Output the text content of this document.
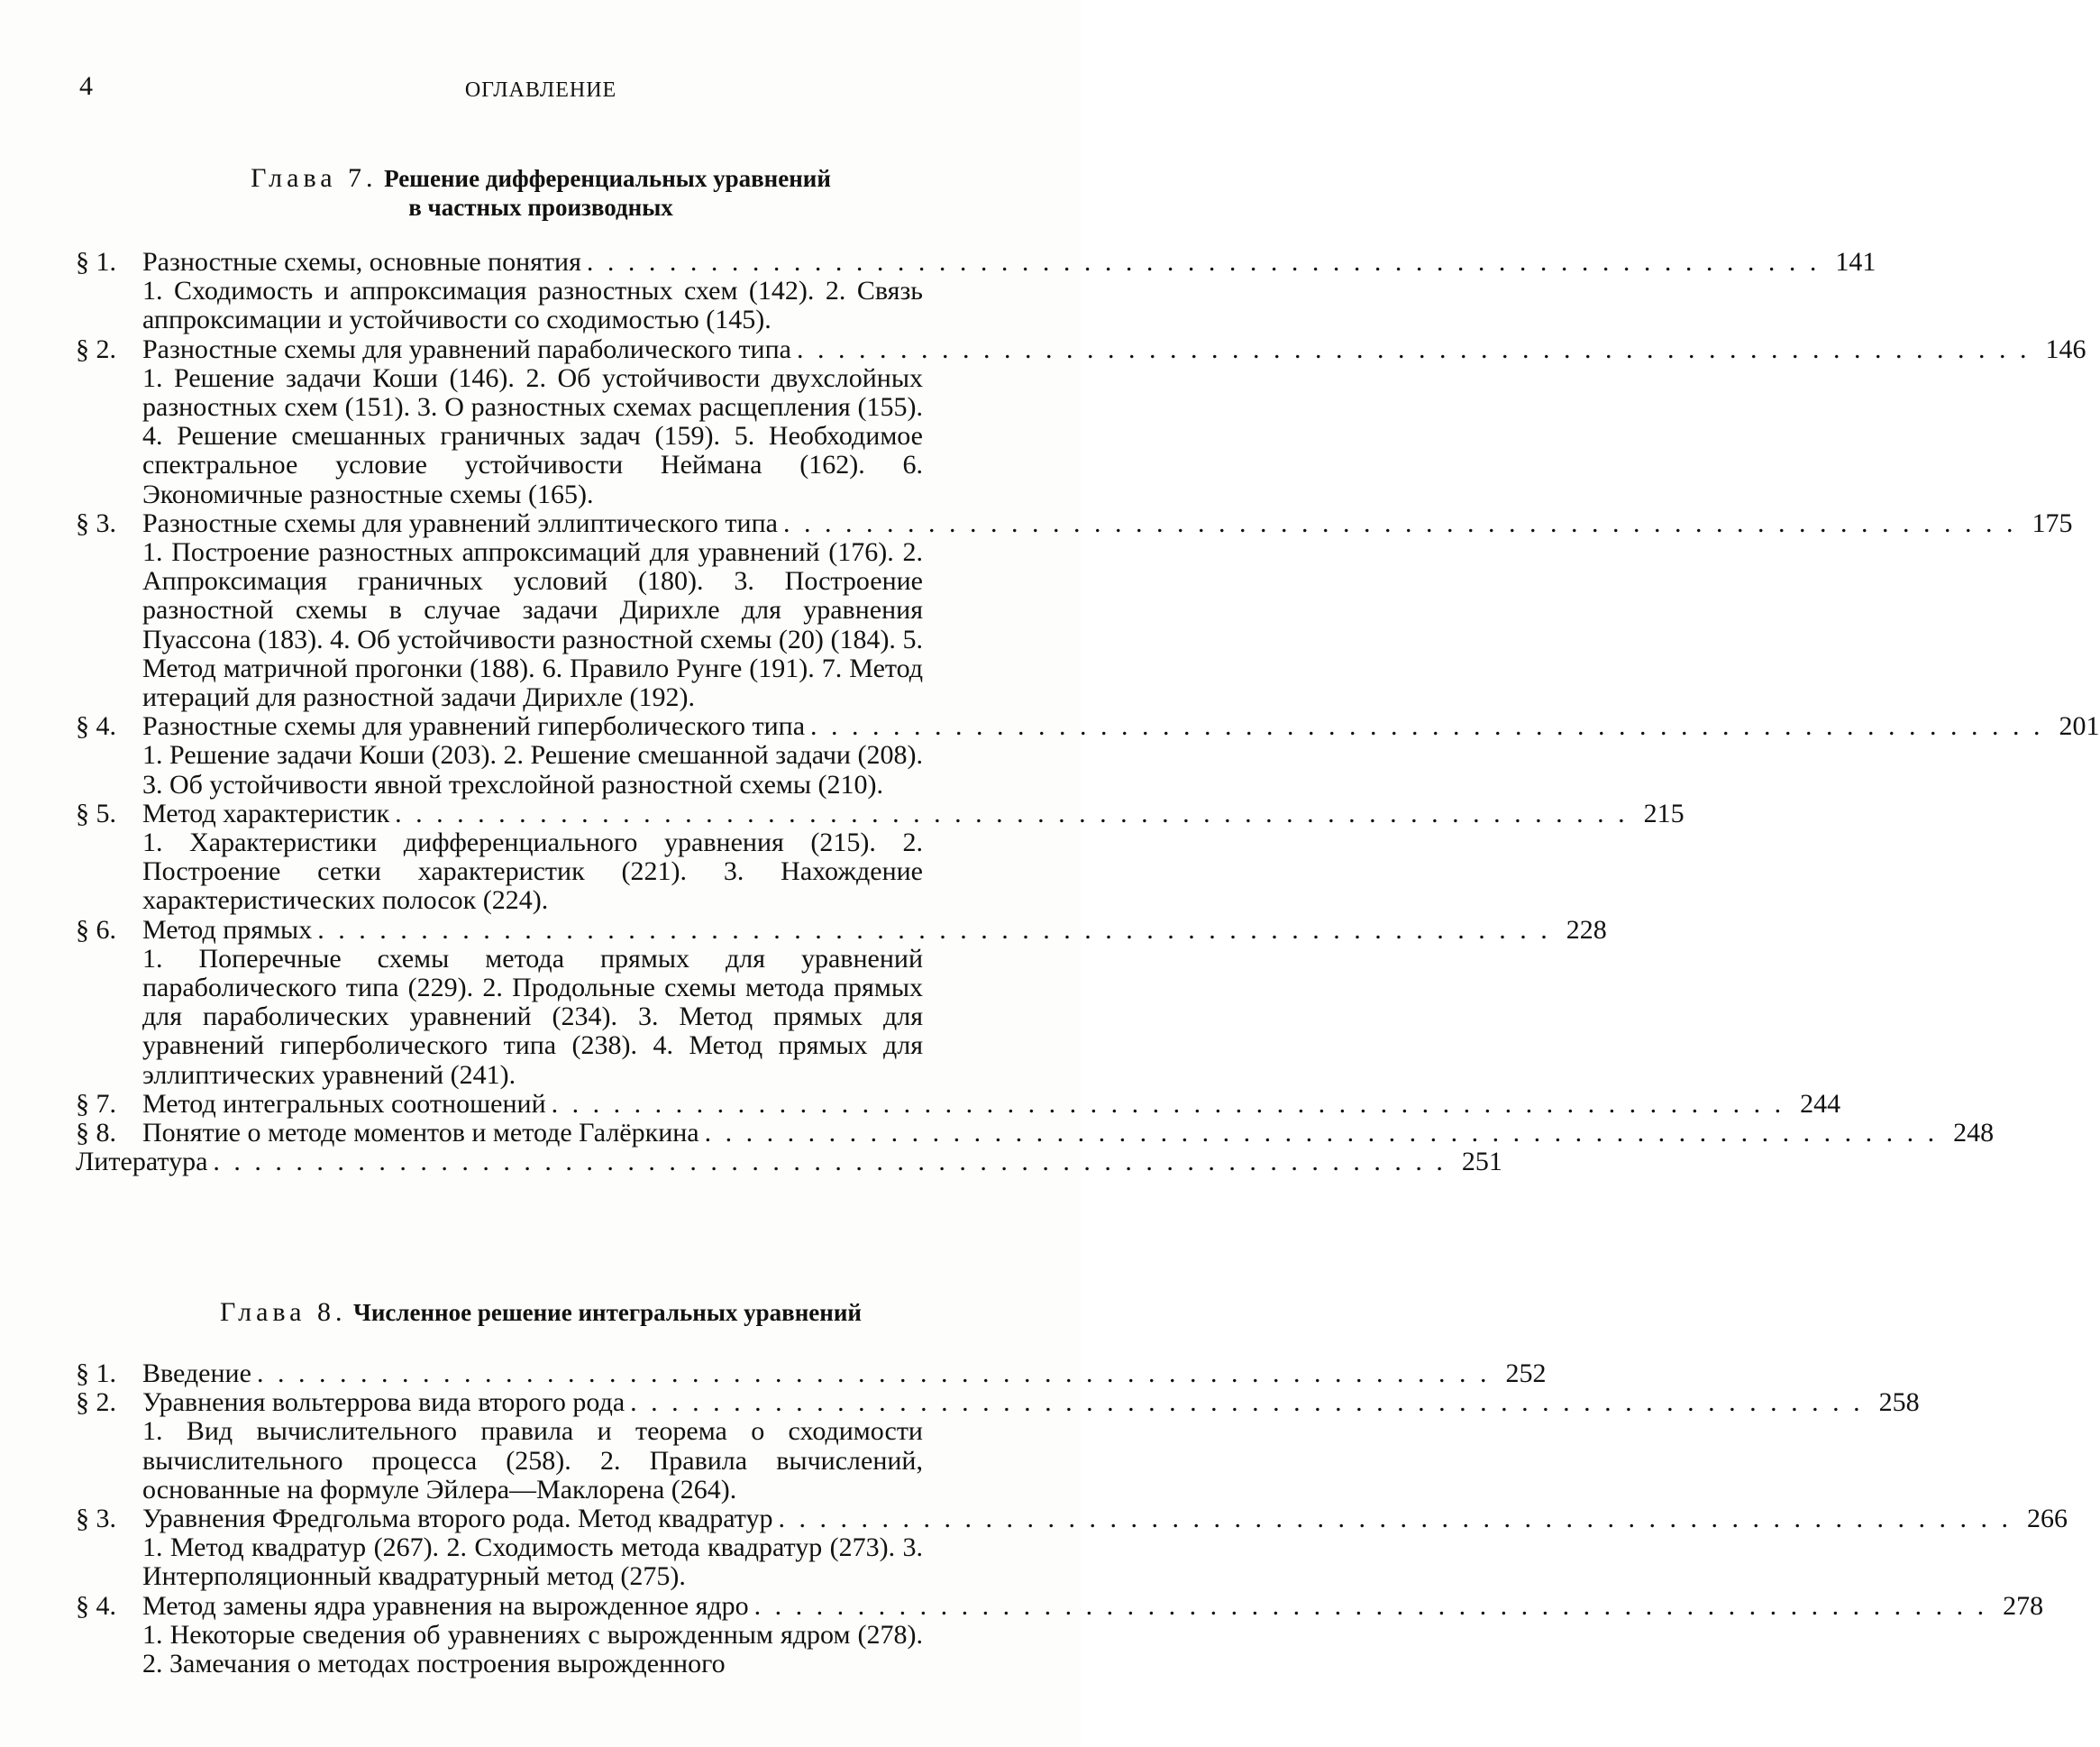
4	ОГЛАВЛЕНИЕ
Глава 7. Решение дифференциальных уравнений
в частных производных
§ 1. Разностные схемы, основные понятия . . . . . . . . . . . . . . . . . . . . . . . . . . . . . . . . . . . . . . . . . . . . . . . . . . . . . . . . . . . . 141
1. Сходимость и аппроксимация разностных схем (142). 2. Связь аппроксимации и устойчивости со сходимостью (145).
§ 2. Разностные схемы для уравнений параболического типа . . . . . . . . . . . . . . . . . . . . . . . . . . . . . . . . . . . . . . . . . . . . . . . . . . . . . . . . . . . . 146
1. Решение задачи Коши (146). 2. Об устойчивости двухслойных разностных схем (151). 3. О разностных схемах расщепления (155). 4. Решение смешанных граничных задач (159). 5. Необходимое спектральное условие устойчивости Неймана (162). 6. Экономичные разностные схемы (165).
§ 3. Разностные схемы для уравнений эллиптического типа . . . . . . . . . . . . . . . . . . . . . . . . . . . . . . . . . . . . . . . . . . . . . . . . . . . . . . . . . . . . 175
1. Построение разностных аппроксимаций для уравнений (176). 2. Аппроксимация граничных условий (180). 3. Построение разностной схемы в случае задачи Дирихле для уравнения Пуассона (183). 4. Об устойчивости разностной схемы (20) (184). 5. Метод матричной прогонки (188). 6. Правило Рунге (191). 7. Метод итераций для разностной задачи Дирихле (192).
§ 4. Разностные схемы для уравнений гиперболического типа . . . . . . . . . . . . . . . . . . . . . . . . . . . . . . . . . . . . . . . . . . . . . . . . . . . . . . . . . . . . 201
1. Решение задачи Коши (203). 2. Решение смешанной задачи (208). 3. Об устойчивости явной трехслойной разностной схемы (210).
§ 5. Метод характеристик . . . . . . . . . . . . . . . . . . . . . . . . . . . . . . . . . . . . . . . . . . . . . . . . . . . . . . . . . . . . 215
1. Характеристики дифференциального уравнения (215). 2. Построение сетки характеристик (221). 3. Нахождение характеристических полосок (224).
§ 6. Метод прямых . . . . . . . . . . . . . . . . . . . . . . . . . . . . . . . . . . . . . . . . . . . . . . . . . . . . . . . . . . . . 228
1. Поперечные схемы метода прямых для уравнений параболического типа (229). 2. Продольные схемы метода прямых для параболических уравнений (234). 3. Метод прямых для уравнений гиперболического типа (238). 4. Метод прямых для эллиптических уравнений (241).
§ 7. Метод интегральных соотношений . . . . . . . . . . . . . . . . . . . . . . . . . . . . . . . . . . . . . . . . . . . . . . . . . . . . . . . . . . . . 244
§ 8. Понятие о методе моментов и методе Галёркина . . . . . . . . . . . . . . . . . . . . . . . . . . . . . . . . . . . . . . . . . . . . . . . . . . . . . . . . . . . . 248
Литература . . . . . . . . . . . . . . . . . . . . . . . . . . . . . . . . . . . . . . . . . . . . . . . . . . . . . . . . . . . . 251
Глава 8. Численное решение интегральных уравнений
§ 1. Введение . . . . . . . . . . . . . . . . . . . . . . . . . . . . . . . . . . . . . . . . . . . . . . . . . . . . . . . . . . . . 252
§ 2. Уравнения вольтеррова вида второго рода . . . . . . . . . . . . . . . . . . . . . . . . . . . . . . . . . . . . . . . . . . . . . . . . . . . . . . . . . . . . 258
1. Вид вычислительного правила и теорема о сходимости вычислительного процесса (258). 2. Правила вычислений, основанные на формуле Эйлера—Маклорена (264).
§ 3. Уравнения Фредгольма второго рода. Метод квадратур . . . . . . . . . . . . . . . . . . . . . . . . . . . . . . . . . . . . . . . . . . . . . . . . . . . . . . . . . . . . 266
1. Метод квадратур (267). 2. Сходимость метода квадратур (273). 3. Интерполяционный квадратурный метод (275).
§ 4. Метод замены ядра уравнения на вырожденное ядро . . . . . . . . . . . . . . . . . . . . . . . . . . . . . . . . . . . . . . . . . . . . . . . . . . . . . . . . . . . . 278
1. Некоторые сведения об уравнениях с вырожденным ядром (278). 2. Замечания о методах построения вырожденного
